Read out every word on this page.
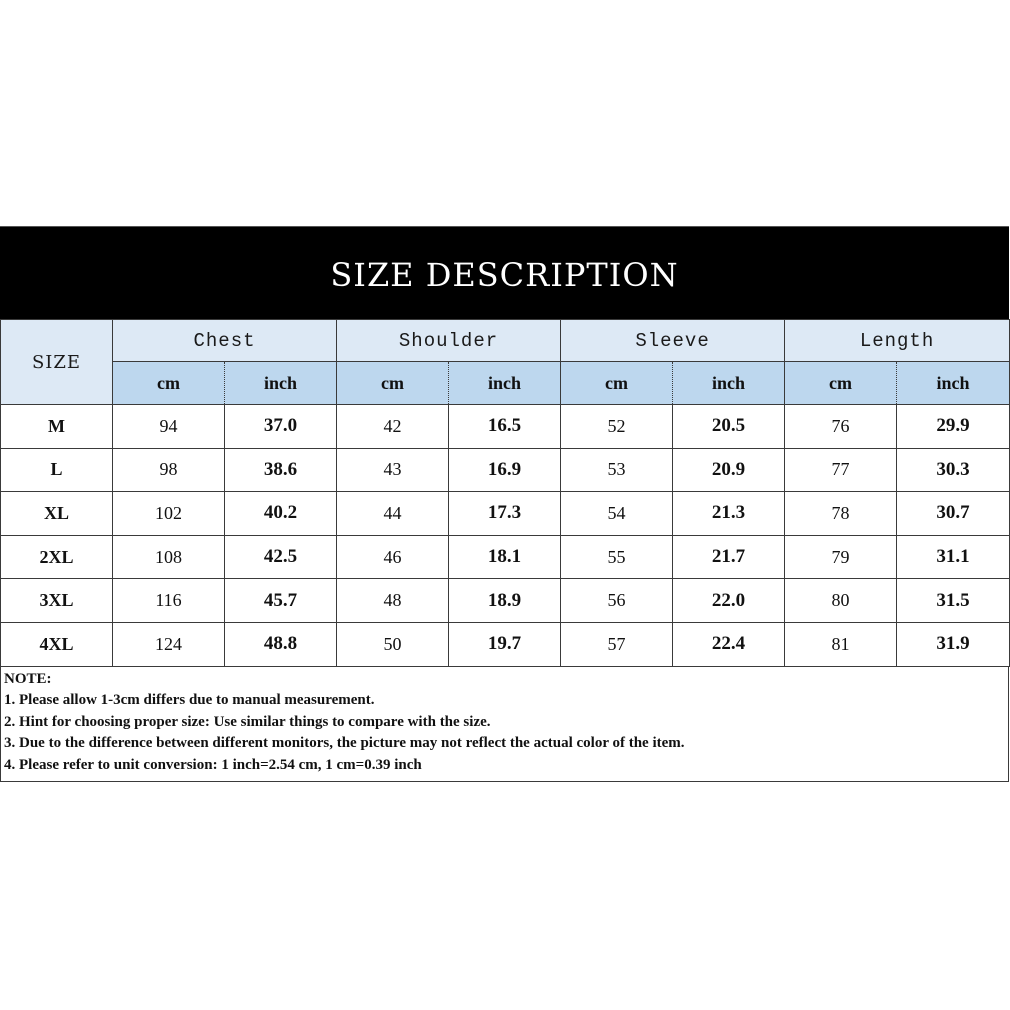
SIZE DESCRIPTION
SIZE	Chest		Shoulder		Sleeve		Length	
	cm	inch	cm	inch	cm	inch	cm	inch
M	94	37.0	42	16.5	52	20.5	76	29.9
L	98	38.6	43	16.9	53	20.9	77	30.3
XL	102	40.2	44	17.3	54	21.3	78	30.7
2XL	108	42.5	46	18.1	55	21.7	79	31.1
3XL	116	45.7	48	18.9	56	22.0	80	31.5
4XL	124	48.8	50	19.7	57	22.4	81	31.9
NOTE:
1. Please allow 1-3cm differs due to manual measurement.
2. Hint for choosing proper size: Use similar things to compare with the size.
3. Due to the difference between different monitors, the picture may not reflect the actual color of the item.
4. Please refer to unit conversion: 1 inch=2.54 cm, 1 cm=0.39 inch
